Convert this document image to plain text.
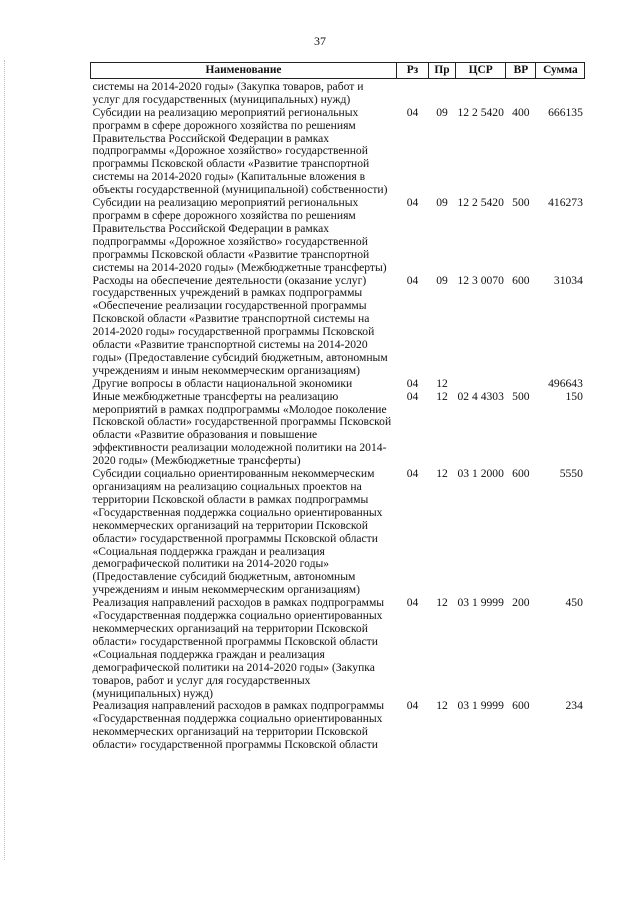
37
Наименование	Рз	Пр	ЦСР	ВР	Сумма
системы на 2014-2020 годы» (Закупка товаров, работ и услуг для государственных (муниципальных) нужд)					
Субсидии на реализацию мероприятий региональных программ в сфере дорожного хозяйства по решениям Правительства Российской Федерации в рамках подпрограммы «Дорожное хозяйство» государственной программы Псковской области «Развитие транспортной системы на 2014-2020 годы» (Капитальные вложения в объекты государственной (муниципальной) собственности)	04	09	12 2 5420	400	666135
Субсидии на реализацию мероприятий региональных программ в сфере дорожного хозяйства по решениям Правительства Российской Федерации в рамках подпрограммы «Дорожное хозяйство» государственной программы Псковской области «Развитие транспортной системы на 2014-2020 годы» (Межбюджетные трансферты)	04	09	12 2 5420	500	416273
Расходы на обеспечение деятельности (оказание услуг) государственных учреждений в рамках подпрограммы «Обеспечение реализации государственной программы Псковской области «Развитие транспортной системы на 2014-2020 годы» государственной программы Псковской области «Развитие транспортной системы на 2014-2020 годы» (Предоставление субсидий бюджетным, автономным учреждениям и иным некоммерческим организациям)	04	09	12 3 0070	600	31034
Другие вопросы в области национальной экономики	04	12			496643
Иные межбюджетные трансферты на реализацию мероприятий в рамках подпрограммы «Молодое поколение Псковской области» государственной программы Псковской области «Развитие образования и повышение эффективности реализации молодежной политики на 2014-2020 годы» (Межбюджетные трансферты)	04	12	02 4 4303	500	150
Субсидии социально ориентированным некоммерческим организациям на реализацию социальных проектов на территории Псковской области в рамках подпрограммы «Государственная поддержка социально ориентированных некоммерческих организаций на территории Псковской области» государственной программы Псковской области «Социальная поддержка граждан и реализация демографической политики на 2014-2020 годы» (Предоставление субсидий бюджетным, автономным учреждениям и иным некоммерческим организациям)	04	12	03 1 2000	600	5550
Реализация направлений расходов в рамках подпрограммы «Государственная поддержка социально ориентированных некоммерческих организаций на территории Псковской области» государственной программы Псковской области «Социальная поддержка граждан и реализация демографической политики на 2014-2020 годы» (Закупка товаров, работ и услуг для государственных (муниципальных) нужд)	04	12	03 1 9999	200	450
Реализация направлений расходов в рамках подпрограммы «Государственная поддержка социально ориентированных некоммерческих организаций на территории Псковской области» государственной программы Псковской области	04	12	03 1 9999	600	234
